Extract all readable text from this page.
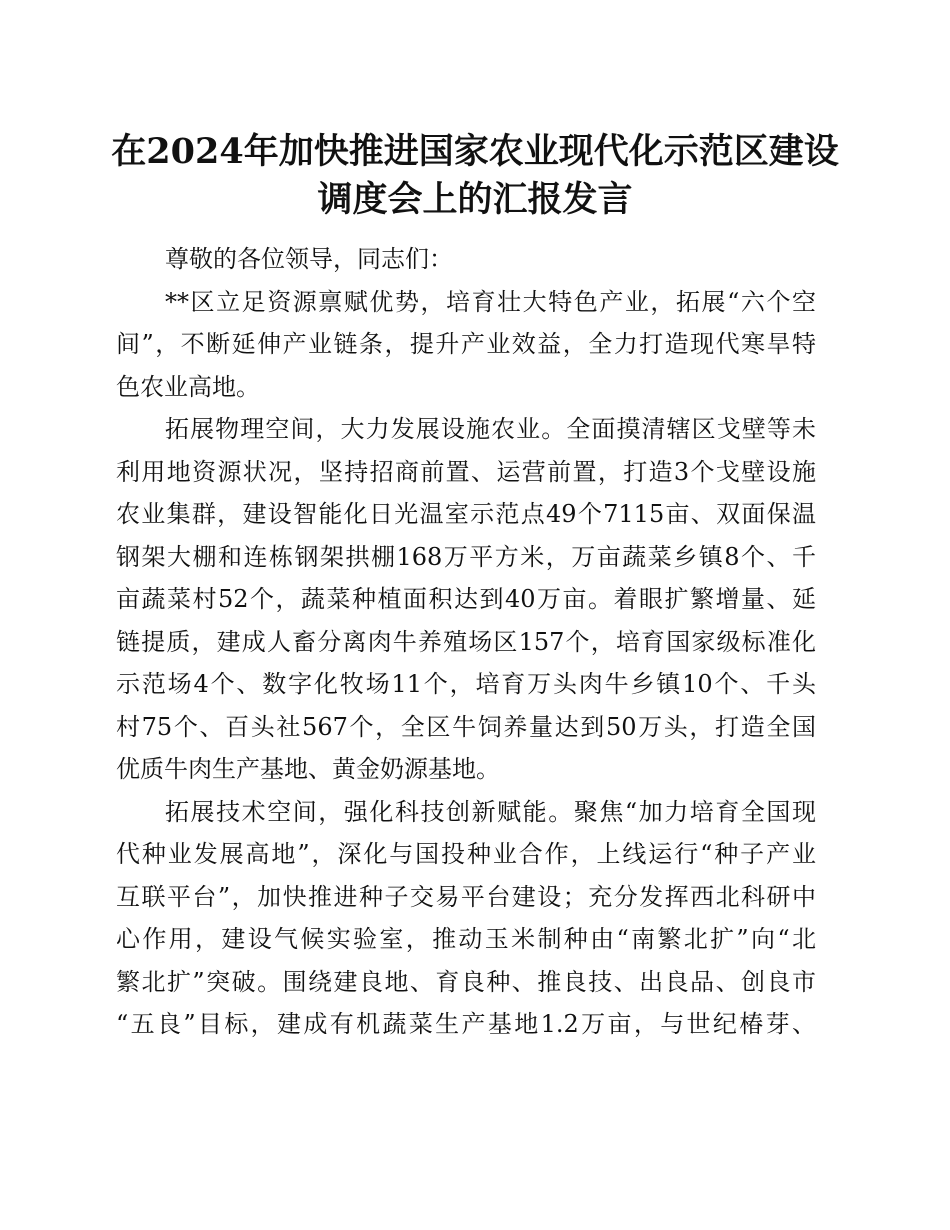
在2024年加快推进国家农业现代化示范区建设
调度会上的汇报发言
尊敬的各位领导，同志们：
**区立足资源禀赋优势，培育壮大特色产业，拓展“六个空
间”，不断延伸产业链条，提升产业效益，全力打造现代寒旱特
色农业高地。
拓展物理空间，大力发展设施农业。全面摸清辖区戈壁等未
利用地资源状况，坚持招商前置、运营前置，打造3个戈壁设施
农业集群，建设智能化日光温室示范点49个7115亩、双面保温
钢架大棚和连栋钢架拱棚168万平方米，万亩蔬菜乡镇8个、千
亩蔬菜村52个，蔬菜种植面积达到40万亩。着眼扩繁增量、延
链提质，建成人畜分离肉牛养殖场区157个，培育国家级标准化
示范场4个、数字化牧场11个，培育万头肉牛乡镇10个、千头
村75个、百头社567个，全区牛饲养量达到50万头，打造全国
优质牛肉生产基地、黄金奶源基地。
拓展技术空间，强化科技创新赋能。聚焦“加力培育全国现
代种业发展高地”，深化与国投种业合作，上线运行“种子产业
互联平台”，加快推进种子交易平台建设；充分发挥西北科研中
心作用，建设气候实验室，推动玉米制种由“南繁北扩”向“北
繁北扩”突破。围绕建良地、育良种、推良技、出良品、创良市
“五良”目标，建成有机蔬菜生产基地1.2万亩，与世纪椿芽、
